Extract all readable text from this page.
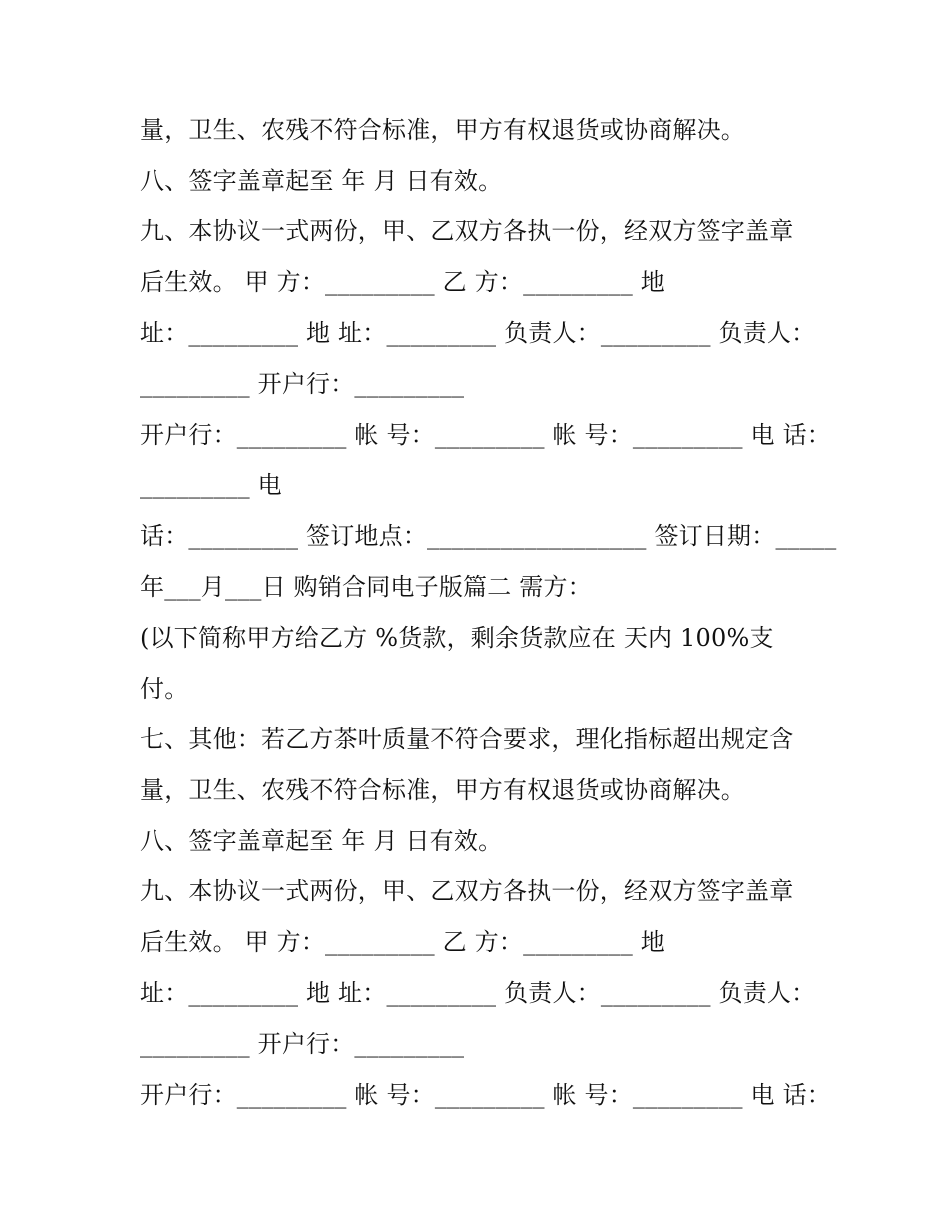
量，卫生、农残不符合标准，甲方有权退货或协商解决。
八、签字盖章起至 年 月 日有效。
九、本协议一式两份，甲、乙双方各执一份，经双方签字盖章
后生效。 甲 方：_________ 乙 方：_________ 地
址：_________ 地 址：_________ 负责人：_________ 负责人：
_________ 开户行：_________
开户行：_________ 帐 号：_________ 帐 号：_________ 电 话：
_________ 电
话：_________ 签订地点：__________________ 签订日期：_____
年___月___日 购销合同电子版篇二 需方：
(以下简称甲方给乙方 %货款，剩余货款应在 天内 100%支
付。
七、其他：若乙方茶叶质量不符合要求，理化指标超出规定含
量，卫生、农残不符合标准，甲方有权退货或协商解决。
八、签字盖章起至 年 月 日有效。
九、本协议一式两份，甲、乙双方各执一份，经双方签字盖章
后生效。 甲 方：_________ 乙 方：_________ 地
址：_________ 地 址：_________ 负责人：_________ 负责人：
_________ 开户行：_________
开户行：_________ 帐 号：_________ 帐 号：_________ 电 话：
